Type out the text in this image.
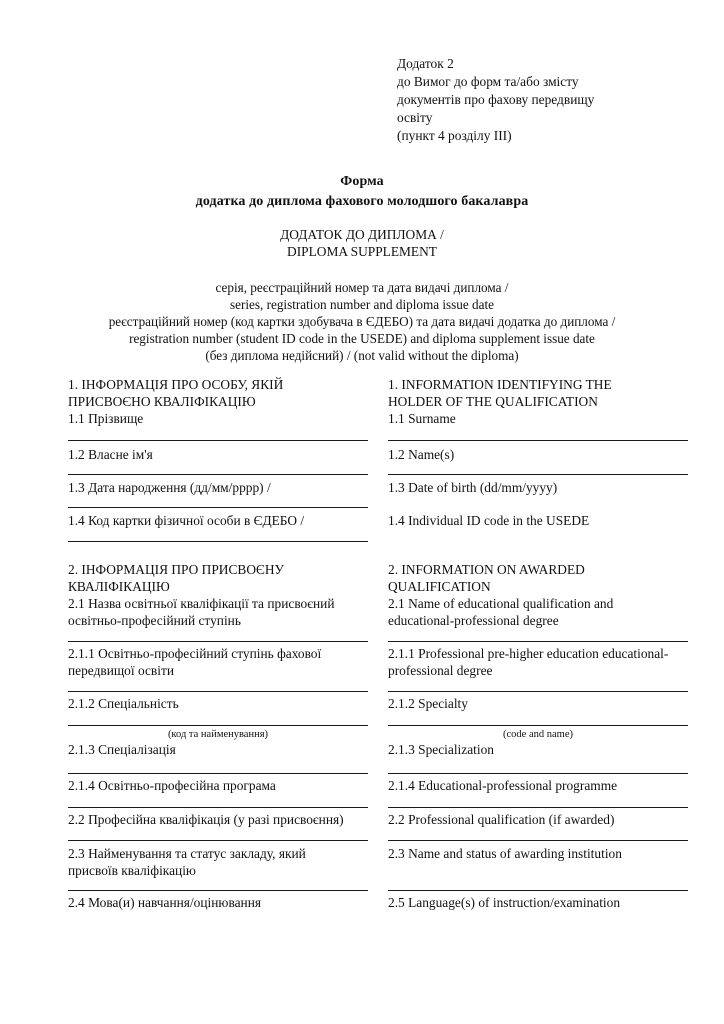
Додаток 2
до Вимог до форм та/або змісту
документів про фахову передвищу
освіту
(пункт 4 розділу III)
Форма
додатка до диплома фахового молодшого бакалавра
ДОДАТОК ДО ДИПЛОМА /
DIPLOMA SUPPLEMENT
серія, реєстраційний номер та дата видачі диплома /
series, registration number and diploma issue date
реєстраційний номер (код картки здобувача в ЄДЕБО) та дата видачі додатка до диплома /
registration number (student ID code in the USEDE) and diploma supplement issue date
(без диплома недійсний) / (not valid without the diploma)
1. ІНФОРМАЦІЯ ПРО ОСОБУ, ЯКІЙ
ПРИСВОЄНО КВАЛІФІКАЦІЮ
1.1 Прізвище
1.2 Власне ім'я
1.3 Дата народження (дд/мм/рррр) /
1.4 Код картки фізичної особи в ЄДЕБО /
1. INFORMATION IDENTIFYING THE
HOLDER OF THE QUALIFICATION
1.1 Surname
1.2 Name(s)
1.3 Date of birth (dd/mm/yyyy)
1.4 Individual ID code in the USEDE
2. ІНФОРМАЦІЯ ПРО ПРИСВОЄНУ
КВАЛІФІКАЦІЮ
2.1 Назва освітньої кваліфікації та присвоєний
освітньо-професійний ступінь
2.1.1 Освітньо-професійний ступінь фахової
передвищої освіти
2.1.2 Спеціальність
(код та найменування)
2.1.3 Спеціалізація
2.1.4 Освітньо-професійна програма
2.2 Професійна кваліфікація (у разі присвоєння)
2.3 Найменування та статус закладу, який
присвоїв кваліфікацію
2.4 Мова(и) навчання/оцінювання
2. INFORMATION ON AWARDED
QUALIFICATION
2.1 Name of educational qualification and
educational-professional degree
2.1.1 Professional pre-higher education educational-
professional degree
2.1.2 Specialty
(code and name)
2.1.3 Specialization
2.1.4 Educational-professional programme
2.2 Professional qualification (if awarded)
2.3 Name and status of awarding institution
2.5 Language(s) of instruction/examination
